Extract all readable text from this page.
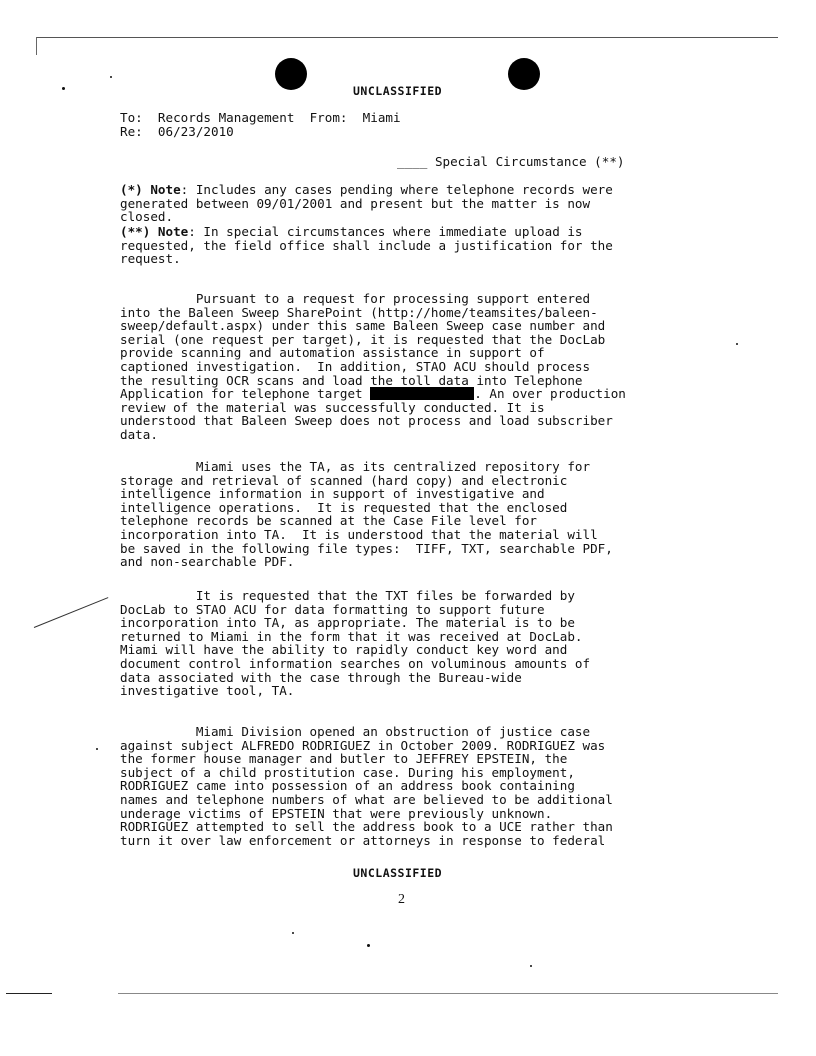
UNCLASSIFIED
To: Records Management From: Miami
Re: 06/23/2010
____ Special Circumstance (**)
(*) Note: Includes any cases pending where telephone records were
generated between 09/01/2001 and present but the matter is now
closed.
(**) Note: In special circumstances where immediate upload is
requested, the field office shall include a justification for the
request.
Pursuant to a request for processing support entered
into the Baleen Sweep SharePoint (http://home/teamsites/baleen-
sweep/default.aspx) under this same Baleen Sweep case number and
serial (one request per target), it is requested that the DocLab
provide scanning and automation assistance in support of
captioned investigation.  In addition, STAO ACU should process
the resulting OCR scans and load the toll data into Telephone
Application for telephone target	. An over production
review of the material was successfully conducted. It is
understood that Baleen Sweep does not process and load subscriber
data.
Miami uses the TA, as its centralized repository for
storage and retrieval of scanned (hard copy) and electronic
intelligence information in support of investigative and
intelligence operations.  It is requested that the enclosed
telephone records be scanned at the Case File level for
incorporation into TA.  It is understood that the material will
be saved in the following file types:  TIFF, TXT, searchable PDF,
and non-searchable PDF.
It is requested that the TXT files be forwarded by
DocLab to STAO ACU for data formatting to support future
incorporation into TA, as appropriate. The material is to be
returned to Miami in the form that it was received at DocLab.
Miami will have the ability to rapidly conduct key word and
document control information searches on voluminous amounts of
data associated with the case through the Bureau-wide
investigative tool, TA.
Miami Division opened an obstruction of justice case
against subject ALFREDO RODRIGUEZ in October 2009. RODRIGUEZ was
the former house manager and butler to JEFFREY EPSTEIN, the
subject of a child prostitution case. During his employment,
RODRIGUEZ came into possession of an address book containing
names and telephone numbers of what are believed to be additional
underage victims of EPSTEIN that were previously unknown.
RODRIGUEZ attempted to sell the address book to a UCE rather than
turn it over law enforcement or attorneys in response to federal
UNCLASSIFIED
2
